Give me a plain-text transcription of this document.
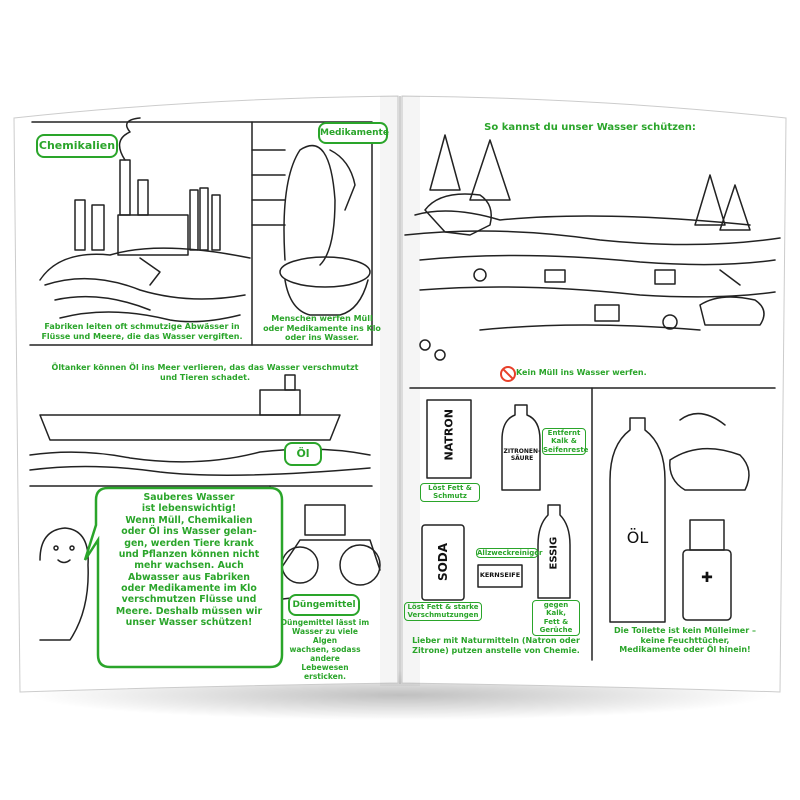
Chemikalien
Medikamente
Fabriken leiten oft schmutzige Abwässer in
Flüsse und Meere, die das Wasser vergiften.
Menschen werfen Müll
oder Medikamente ins Klo
oder ins Wasser.
Öltanker können Öl ins Meer verlieren, das das Wasser verschmutzt
und Tieren schadet.
Öl
Sauberes Wasser
ist lebenswichtig!
Wenn Müll, Chemikalien
oder Öl ins Wasser gelan-
gen, werden Tiere krank
und Pflanzen können nicht
mehr wachsen. Auch
Abwasser aus Fabriken
oder Medikamente im Klo
verschmutzen Flüsse und
Meere. Deshalb müssen wir
unser Wasser schützen!
Düngemittel
Düngemittel lässt im
Wasser zu viele Algen
wachsen, sodass andere
Lebewesen ersticken.
So kannst du unser Wasser schützen:
Kein Müll ins Wasser werfen.
NATRON
Löst Fett &
Schmutz
ZITRONEN-
SÄURE
Entfernt
Kalk &
Seifenreste
SODA
Löst Fett & starke
Verschmutzungen
Allzweckreiniger
KERNSEIFE
ESSIG
gegen Kalk,
Fett &
Gerüche
Lieber mit Naturmitteln (Natron oder
Zitrone) putzen anstelle von Chemie.
ÖL
✚
Die Toilette ist kein Mülleimer –
keine Feuchttücher,
Medikamente oder Öl hinein!
